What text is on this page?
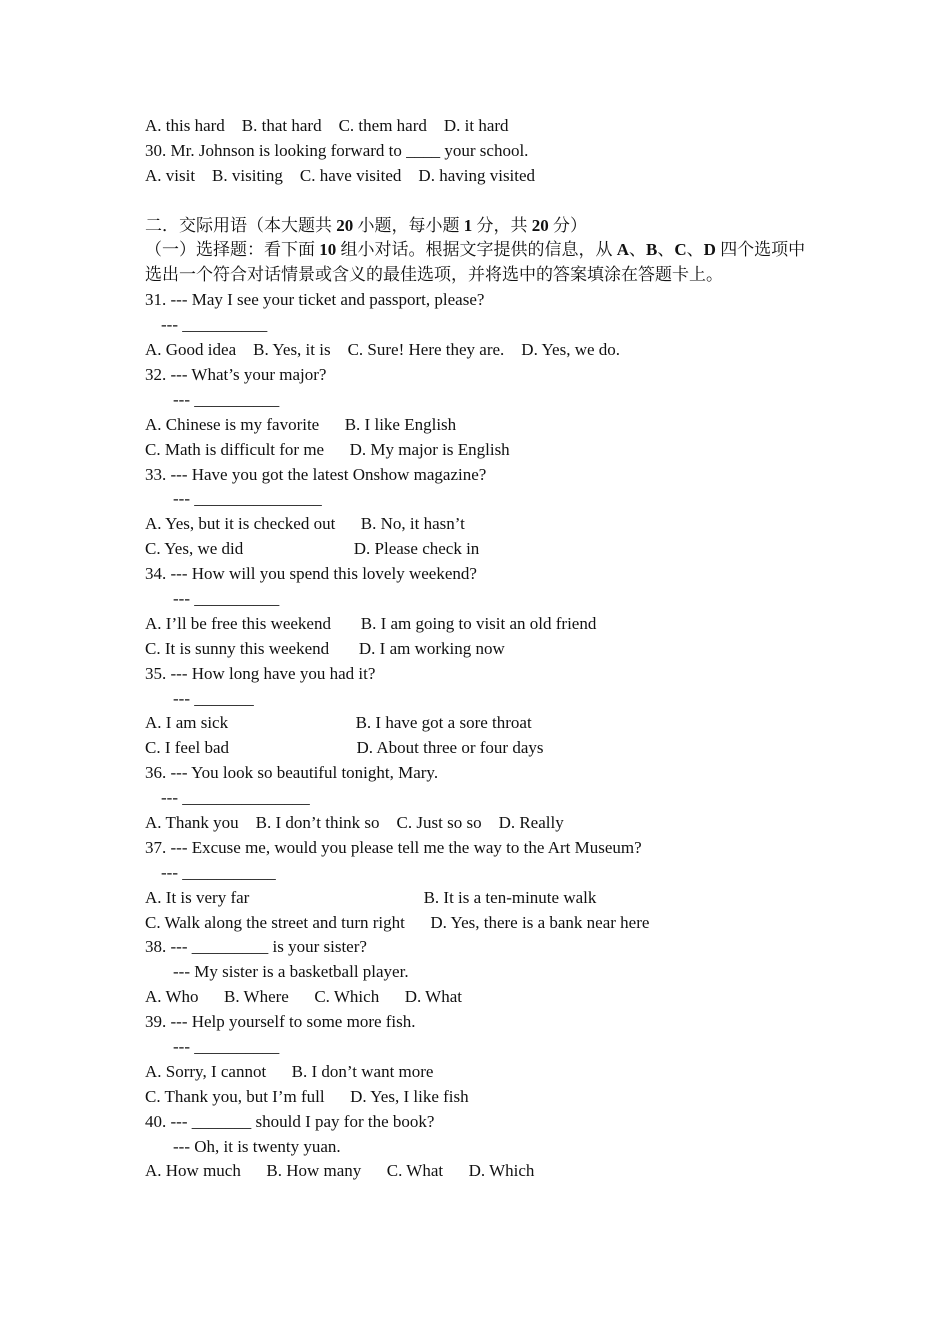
A. this hard    B. that hard    C. them hard    D. it hard
30. Mr. Johnson is looking forward to ____ your school.
A. visit    B. visiting    C. have visited    D. having visited
二．交际用语（本大题共 20 小题，每小题 1 分，共 20 分）
（一）选择题：看下面 10 组小对话。根据文字提供的信息，从 A、B、C、D 四个选项中选出一个符合对话情景或含义的最佳选项，并将选中的答案填涂在答题卡上。
31. --- May I see your ticket and passport, please?
--- __________
A. Good idea    B. Yes, it is    C. Sure! Here they are.    D. Yes, we do.
32. --- What’s your major?
--- __________
A. Chinese is my favorite      B. I like English
C. Math is difficult for me      D. My major is English
33. --- Have you got the latest Onshow magazine?
--- _______________
A. Yes, but it is checked out      B. No, it hasn’t
C. Yes, we did                          D. Please check in
34. --- How will you spend this lovely weekend?
--- __________
A. I’ll be free this weekend       B. I am going to visit an old friend
C. It is sunny this weekend       D. I am working now
35. --- How long have you had it?
--- _______
A. I am sick                              B. I have got a sore throat
C. I feel bad                              D. About three or four days
36. --- You look so beautiful tonight, Mary.
--- _______________
A. Thank you    B. I don’t think so    C. Just so so    D. Really
37. --- Excuse me, would you please tell me the way to the Art Museum?
--- ___________
A. It is very far                                         B. It is a ten-minute walk
C. Walk along the street and turn right      D. Yes, there is a bank near here
38. --- _________ is your sister?
--- My sister is a basketball player.
A. Who      B. Where      C. Which      D. What
39. --- Help yourself to some more fish.
--- __________
A. Sorry, I cannot      B. I don’t want more
C. Thank you, but I’m full      D. Yes, I like fish
40. --- _______ should I pay for the book?
--- Oh, it is twenty yuan.
A. How much      B. How many      C. What      D. Which
